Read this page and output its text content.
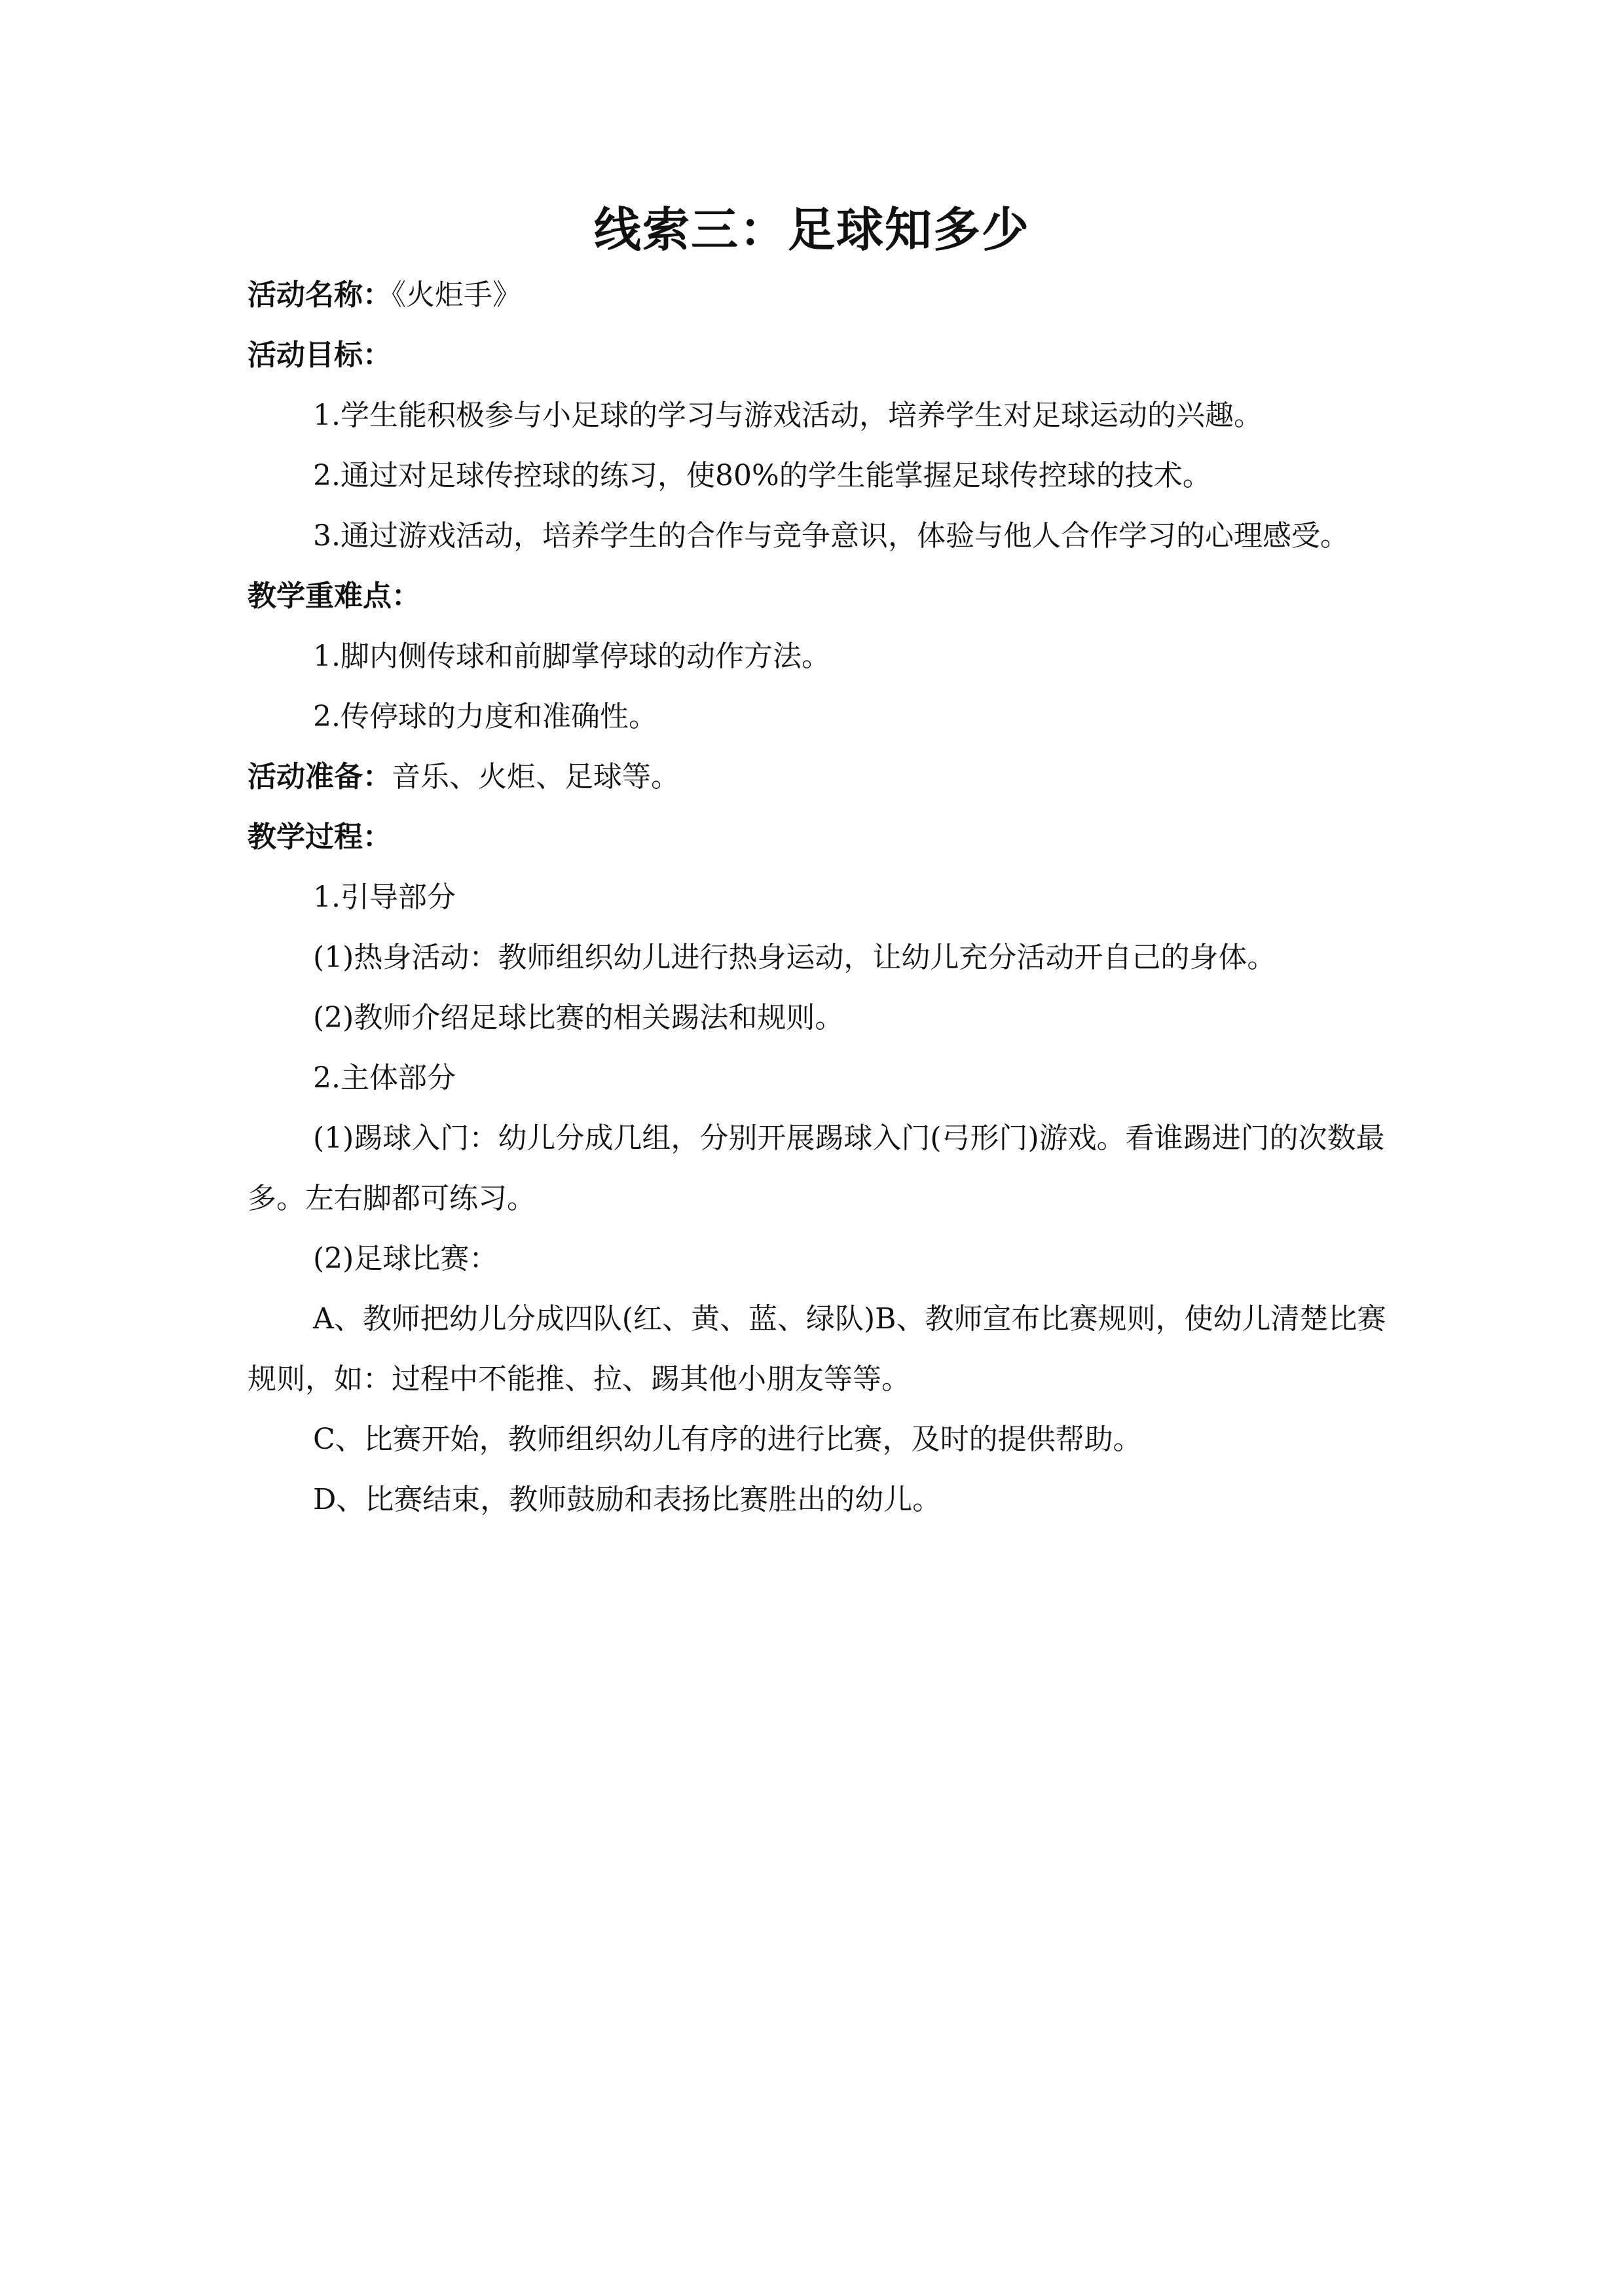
线索三：足球知多少

活动名称：《火炬手》

活动目标：

1.学生能积极参与小足球的学习与游戏活动，培养学生对足球运动的兴趣。

2.通过对足球传控球的练习，使80%的学生能掌握足球传控球的技术。

3.通过游戏活动，培养学生的合作与竞争意识，体验与他人合作学习的心理感受。

教学重难点：

1.脚内侧传球和前脚掌停球的动作方法。

2.传停球的力度和准确性。

活动准备：音乐、火炬、足球等。

教学过程：

1.引导部分

(1)热身活动：教师组织幼儿进行热身运动，让幼儿充分活动开自己的身体。

(2)教师介绍足球比赛的相关踢法和规则。

2.主体部分

(1)踢球入门：幼儿分成几组，分别开展踢球入门(弓形门)游戏。看谁踢进门的次数最多。左右脚都可练习。

(2)足球比赛：

A、教师把幼儿分成四队(红、黄、蓝、绿队)B、教师宣布比赛规则，使幼儿清楚比赛规则，如：过程中不能推、拉、踢其他小朋友等等。

C、比赛开始，教师组织幼儿有序的进行比赛，及时的提供帮助。

D、比赛结束，教师鼓励和表扬比赛胜出的幼儿。
